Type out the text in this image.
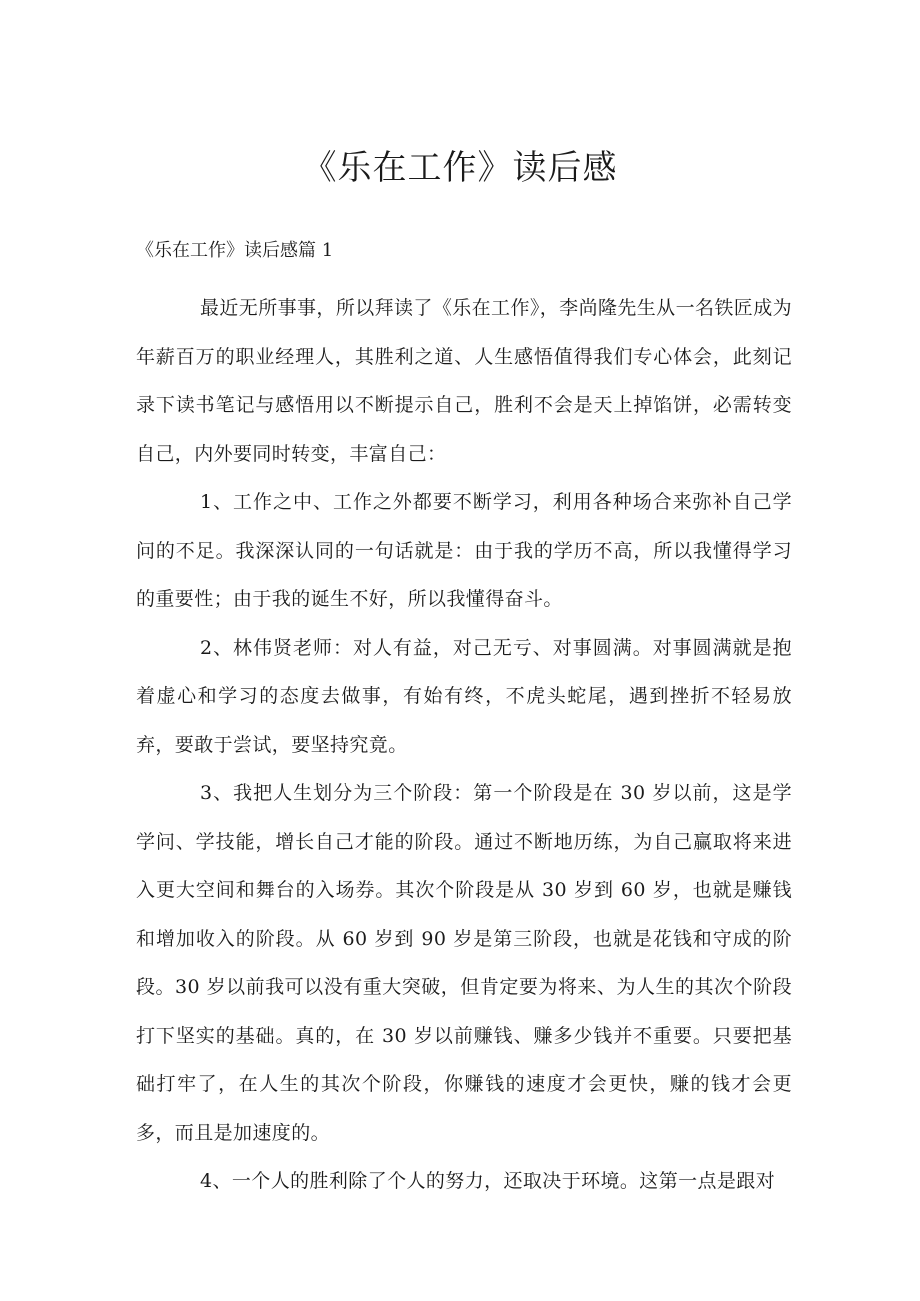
《乐在工作》读后感
《乐在工作》读后感篇 1

最近无所事事，所以拜读了《乐在工作》，李尚隆先生从一名铁匠成为年薪百万的职业经理人，其胜利之道、人生感悟值得我们专心体会，此刻记录下读书笔记与感悟用以不断提示自己，胜利不会是天上掉馅饼，必需转变自己，内外要同时转变，丰富自己：

1、工作之中、工作之外都要不断学习，利用各种场合来弥补自己学问的不足。我深深认同的一句话就是：由于我的学历不高，所以我懂得学习的重要性；由于我的诞生不好，所以我懂得奋斗。

2、林伟贤老师：对人有益，对己无亏、对事圆满。对事圆满就是抱着虚心和学习的态度去做事，有始有终，不虎头蛇尾，遇到挫折不轻易放弃，要敢于尝试，要坚持究竟。

3、我把人生划分为三个阶段：第一个阶段是在 30 岁以前，这是学学问、学技能，增长自己才能的阶段。通过不断地历练，为自己赢取将来进入更大空间和舞台的入场券。其次个阶段是从 30 岁到 60 岁，也就是赚钱和增加收入的阶段。从 60 岁到 90 岁是第三阶段，也就是花钱和守成的阶段。30 岁以前我可以没有重大突破，但肯定要为将来、为人生的其次个阶段打下坚实的基础。真的，在 30 岁以前赚钱、赚多少钱并不重要。只要把基础打牢了，在人生的其次个阶段，你赚钱的速度才会更快，赚的钱才会更多，而且是加速度的。

4、一个人的胜利除了个人的努力，还取决于环境。这第一点是跟对
